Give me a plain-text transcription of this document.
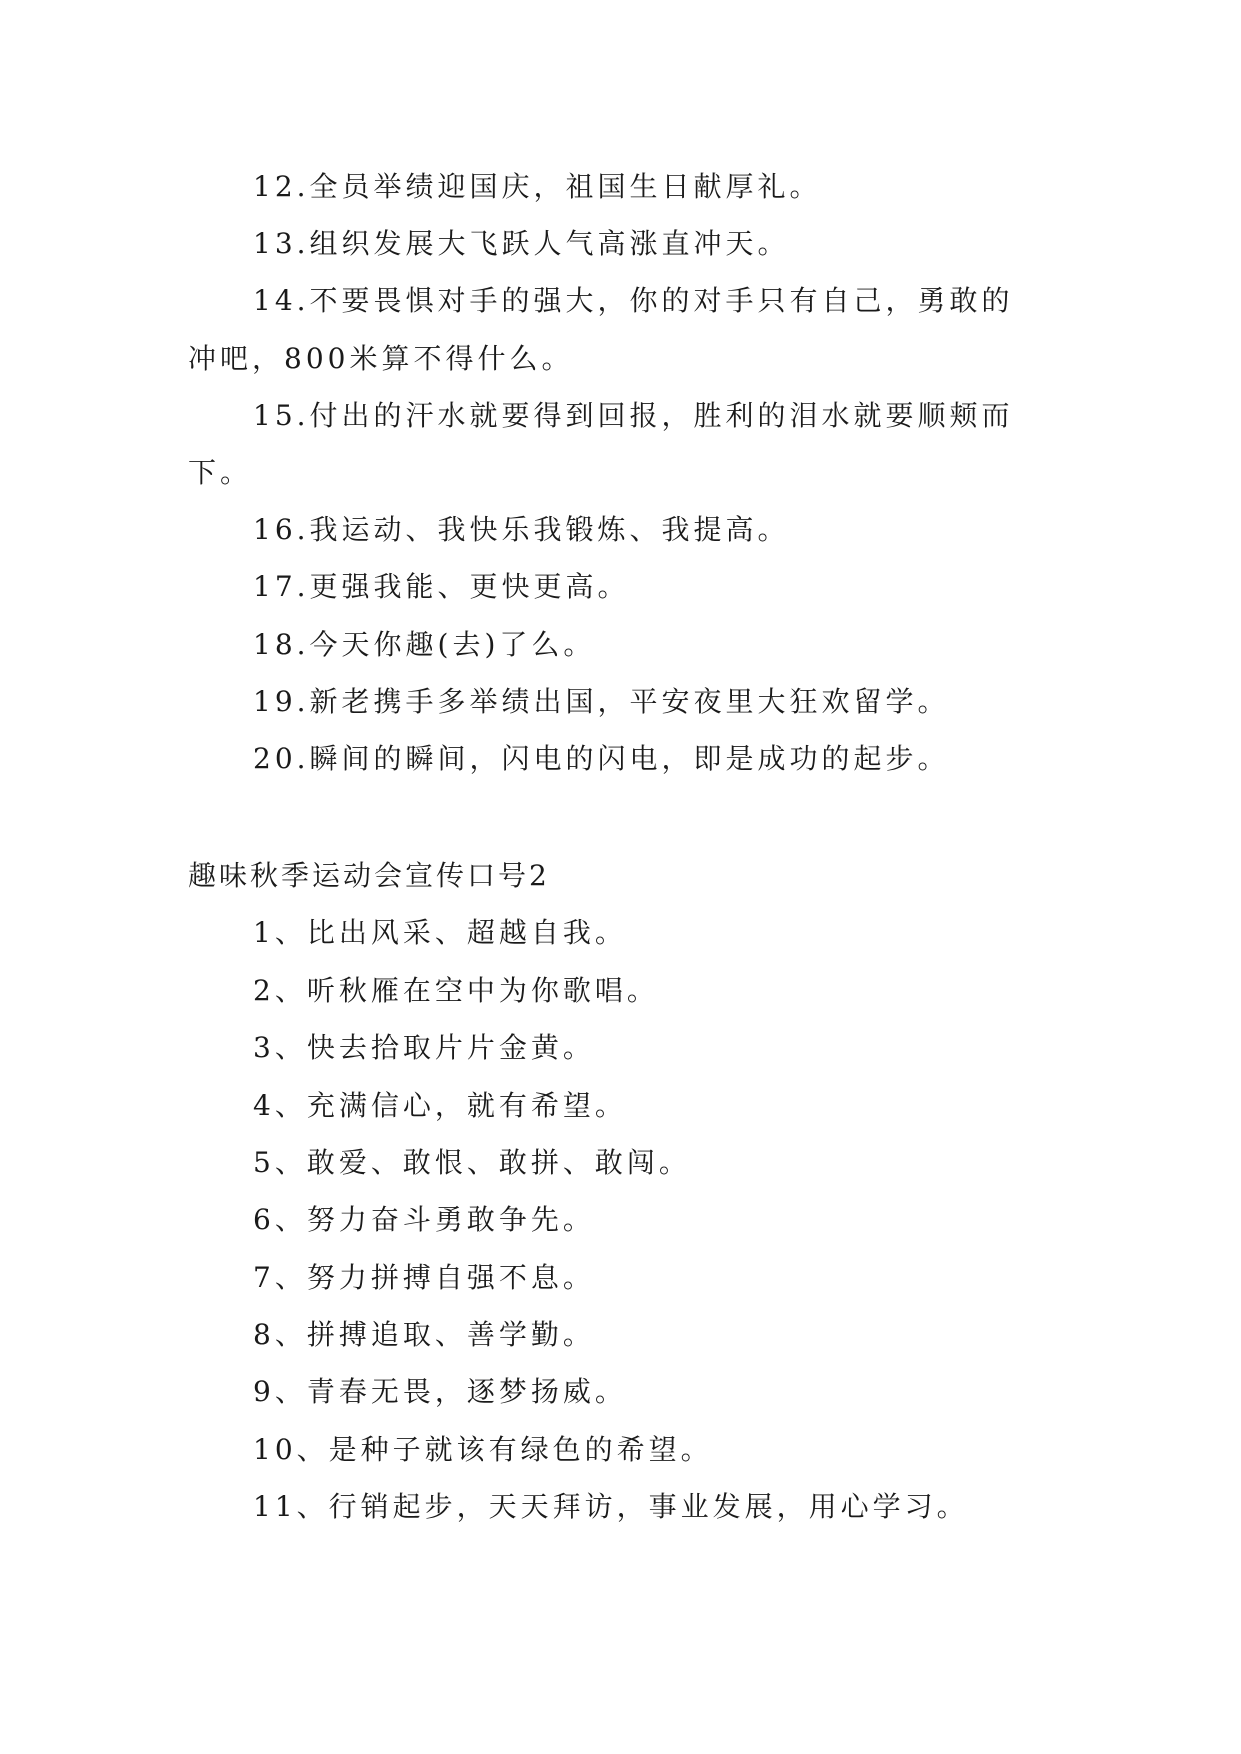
12.全员举绩迎国庆，祖国生日献厚礼。
13.组织发展大飞跃人气高涨直冲天。
14.不要畏惧对手的强大，你的对手只有自己，勇敢的
冲吧，800米算不得什么。
15.付出的汗水就要得到回报，胜利的泪水就要顺颊而
下。
16.我运动、我快乐我锻炼、我提高。
17.更强我能、更快更高。
18.今天你趣(去)了么。
19.新老携手多举绩出国，平安夜里大狂欢留学。
20.瞬间的瞬间，闪电的闪电，即是成功的起步。
趣味秋季运动会宣传口号2
1、比出风采、超越自我。
2、听秋雁在空中为你歌唱。
3、快去拾取片片金黄。
4、充满信心，就有希望。
5、敢爱、敢恨、敢拼、敢闯。
6、努力奋斗勇敢争先。
7、努力拼搏自强不息。
8、拼搏追取、善学勤。
9、青春无畏，逐梦扬威。
10、是种子就该有绿色的希望。
11、行销起步，天天拜访，事业发展，用心学习。
